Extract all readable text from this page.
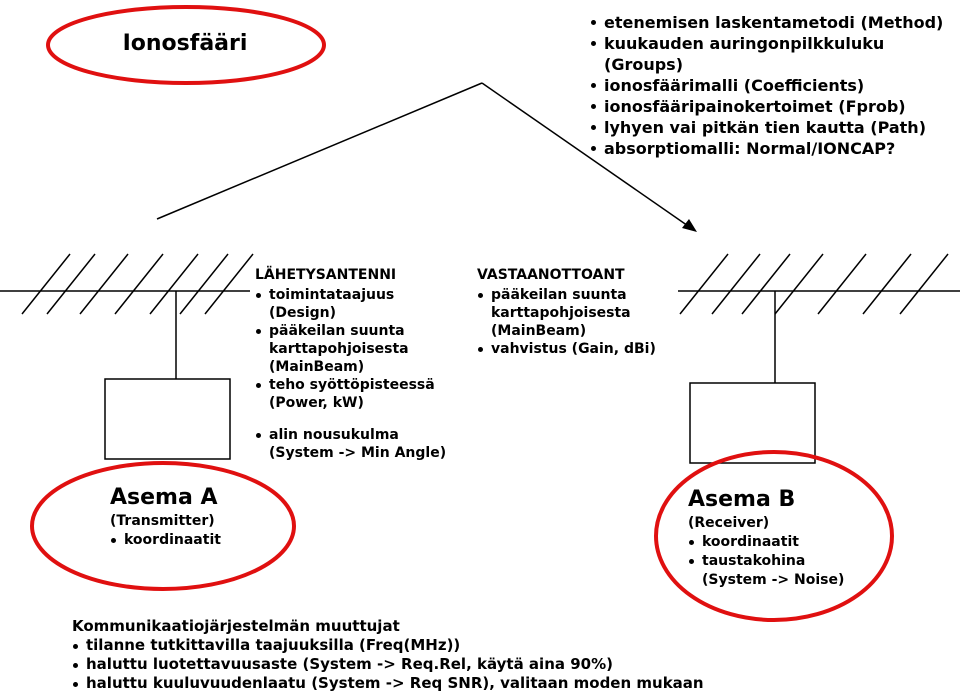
Ionosfääri
etenemisen laskentametodi (Method)
kuukauden auringonpilkkuluku (Groups)
ionosfäärimalli (Coefficients)
ionosfääripainokertoimet (Fprob)
lyhyen vai pitkän tien kautta (Path)
absorptiomalli: Normal/IONCAP?
LÄHETYSANTENNI
toimintataajuus
(Design)
pääkeilan suunta
karttapohjoisesta
(MainBeam)
teho syöttöpisteessä
(Power, kW)
alin nousukulma
(System -> Min Angle)
VASTAANOTTOANT
pääkeilan suunta
karttapohjoisesta
(MainBeam)
vahvistus (Gain, dBi)
Asema A
(Transmitter)
koordinaatit
Asema B
(Receiver)
koordinaatit
taustakohina
(System -> Noise)
Kommunikaatiojärjestelmän muuttujat
tilanne tutkittavilla taajuuksilla (Freq(MHz))
haluttu luotettavuusaste (System -> Req.Rel, käytä aina 90%)
haluttu kuuluvuudenlaatu (System -> Req SNR), valitaan moden mukaan
